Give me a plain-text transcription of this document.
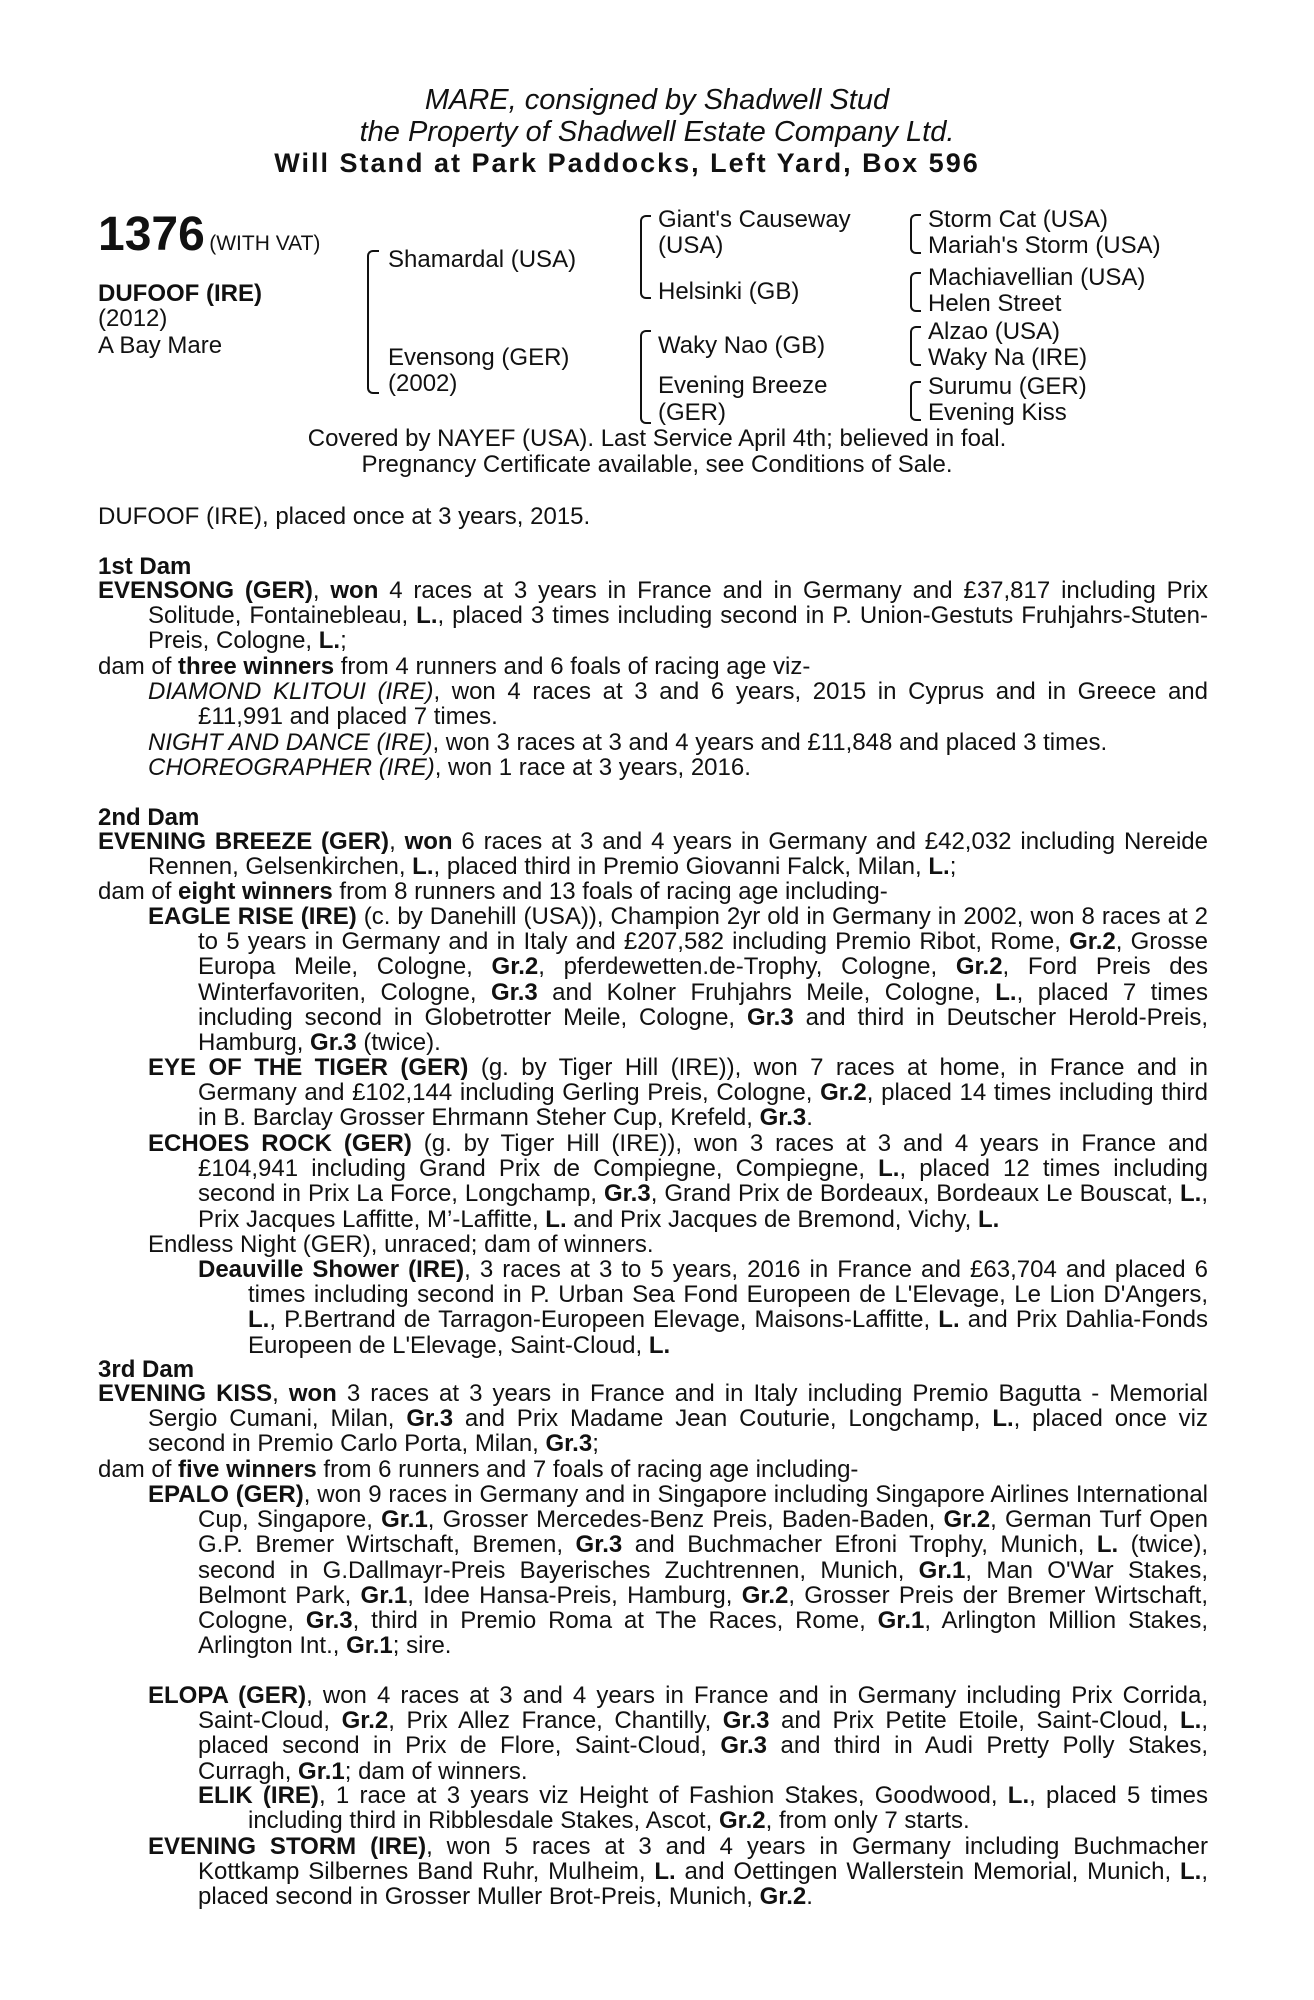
MARE, consigned by Shadwell Stud
the Property of Shadwell Estate Company Ltd.
Will Stand at Park Paddocks, Left Yard, Box 596
1376 (WITH VAT)
DUFOOF (IRE)
(2012)
A Bay Mare
Shamardal (USA)
Evensong (GER)
(2002)
Giant's Causeway
(USA)
Helsinki (GB)
Waky Nao (GB)
Evening Breeze
(GER)
Storm Cat (USA)
Mariah's Storm (USA)
Machiavellian (USA)
Helen Street
Alzao (USA)
Waky Na (IRE)
Surumu (GER)
Evening Kiss
Covered by NAYEF (USA). Last Service April 4th; believed in foal.
Pregnancy Certificate available, see Conditions of Sale.
DUFOOF (IRE), placed once at 3 years, 2015.
1st Dam
EVENSONG (GER), won 4 races at 3 years in France and in Germany and £37,817 including Prix Solitude, Fontainebleau, L., placed 3 times including second in P. Union-Gestuts Fruhjahrs-Stuten-Preis, Cologne, L.;
dam of three winners from 4 runners and 6 foals of racing age viz-
DIAMOND KLITOUI (IRE), won 4 races at 3 and 6 years, 2015 in Cyprus and in Greece and £11,991 and placed 7 times.
NIGHT AND DANCE (IRE), won 3 races at 3 and 4 years and £11,848 and placed 3 times.
CHOREOGRAPHER (IRE), won 1 race at 3 years, 2016.
2nd Dam
EVENING BREEZE (GER), won 6 races at 3 and 4 years in Germany and £42,032 including Nereide Rennen, Gelsenkirchen, L., placed third in Premio Giovanni Falck, Milan, L.;
dam of eight winners from 8 runners and 13 foals of racing age including-
EAGLE RISE (IRE) (c. by Danehill (USA)), Champion 2yr old in Germany in 2002, won 8 races at 2 to 5 years in Germany and in Italy and £207,582 including Premio Ribot, Rome, Gr.2, Grosse Europa Meile, Cologne, Gr.2, pferdewetten.de-Trophy, Cologne, Gr.2, Ford Preis des Winterfavoriten, Cologne, Gr.3 and Kolner Fruhjahrs Meile, Cologne, L., placed 7 times including second in Globetrotter Meile, Cologne, Gr.3 and third in Deutscher Herold-Preis, Hamburg, Gr.3 (twice).
EYE OF THE TIGER (GER) (g. by Tiger Hill (IRE)), won 7 races at home, in France and in Germany and £102,144 including Gerling Preis, Cologne, Gr.2, placed 14 times including third in B. Barclay Grosser Ehrmann Steher Cup, Krefeld, Gr.3.
ECHOES ROCK (GER) (g. by Tiger Hill (IRE)), won 3 races at 3 and 4 years in France and £104,941 including Grand Prix de Compiegne, Compiegne, L., placed 12 times including second in Prix La Force, Longchamp, Gr.3, Grand Prix de Bordeaux, Bordeaux Le Bouscat, L., Prix Jacques Laffitte, M’-Laffitte, L. and Prix Jacques de Bremond, Vichy, L.
Endless Night (GER), unraced; dam of winners.
Deauville Shower (IRE), 3 races at 3 to 5 years, 2016 in France and £63,704 and placed 6 times including second in P. Urban Sea Fond Europeen de L'Elevage, Le Lion D'Angers, L., P.Bertrand de Tarragon-Europeen Elevage, Maisons-Laffitte, L. and Prix Dahlia-Fonds Europeen de L'Elevage, Saint-Cloud, L.
3rd Dam
EVENING KISS, won 3 races at 3 years in France and in Italy including Premio Bagutta - Memorial Sergio Cumani, Milan, Gr.3 and Prix Madame Jean Couturie, Longchamp, L., placed once viz second in Premio Carlo Porta, Milan, Gr.3;
dam of five winners from 6 runners and 7 foals of racing age including-
EPALO (GER), won 9 races in Germany and in Singapore including Singapore Airlines International Cup, Singapore, Gr.1, Grosser Mercedes-Benz Preis, Baden-Baden, Gr.2, German Turf Open G.P. Bremer Wirtschaft, Bremen, Gr.3 and Buchmacher Efroni Trophy, Munich, L. (twice), second in G.Dallmayr-Preis Bayerisches Zuchtrennen, Munich, Gr.1, Man O'War Stakes, Belmont Park, Gr.1, Idee Hansa-Preis, Hamburg, Gr.2, Grosser Preis der Bremer Wirtschaft, Cologne, Gr.3, third in Premio Roma at The Races, Rome, Gr.1, Arlington Million Stakes, Arlington Int., Gr.1; sire.
ELOPA (GER), won 4 races at 3 and 4 years in France and in Germany including Prix Corrida, Saint-Cloud, Gr.2, Prix Allez France, Chantilly, Gr.3 and Prix Petite Etoile, Saint-Cloud, L., placed second in Prix de Flore, Saint-Cloud, Gr.3 and third in Audi Pretty Polly Stakes, Curragh, Gr.1; dam of winners.
ELIK (IRE), 1 race at 3 years viz Height of Fashion Stakes, Goodwood, L., placed 5 times including third in Ribblesdale Stakes, Ascot, Gr.2, from only 7 starts.
EVENING STORM (IRE), won 5 races at 3 and 4 years in Germany including Buchmacher Kottkamp Silbernes Band Ruhr, Mulheim, L. and Oettingen Wallerstein Memorial, Munich, L., placed second in Grosser Muller Brot-Preis, Munich, Gr.2.
